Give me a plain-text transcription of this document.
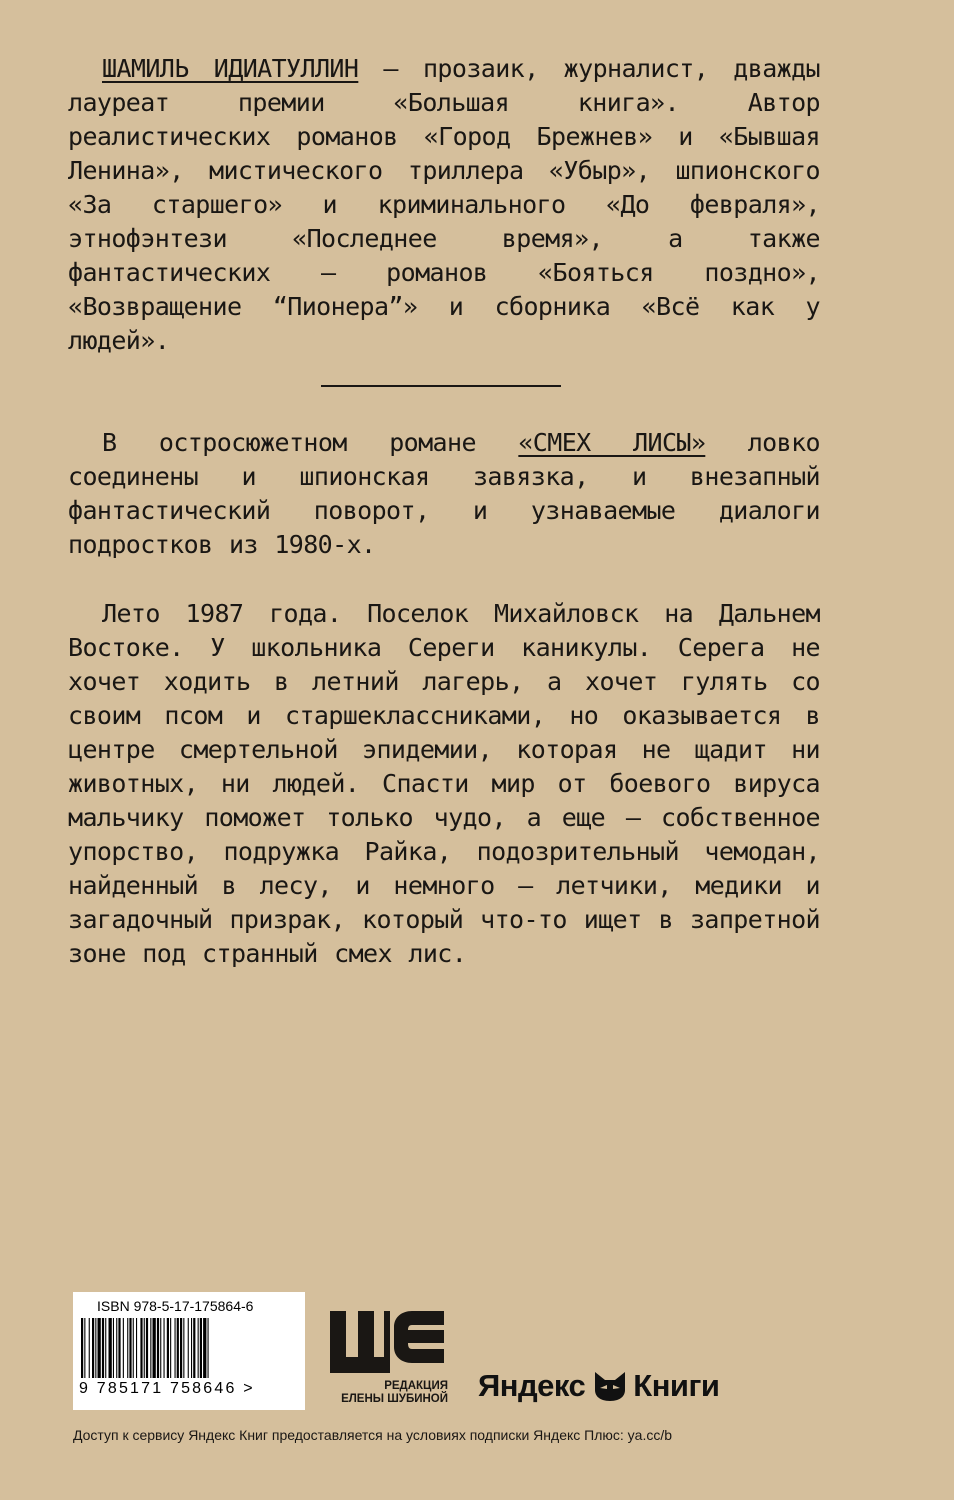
ШАМИЛЬ ИДИАТУЛЛИН — прозаик, журналист, дважды лауреат премии «Большая книга». Автор реалистических романов «Город Брежнев» и «Бывшая Ленина», мистического триллера «Убыр», шпионского «За старшего» и криминального «До февраля», этнофэнтези «Последнее время», а также фантастических — романов «Бояться поздно», «Возвращение “Пионера”» и сборника «Всё как у людей».

В остросюжетном романе «СМЕХ ЛИСЫ» ловко соединены и шпионская завязка, и внезапный фантастический поворот, и узнаваемые диалоги подростков из 1980-х.

Лето 1987 года. Поселок Михайловск на Дальнем Востоке. У школьника Сереги каникулы. Серега не хочет ходить в летний лагерь, а хочет гулять со своим псом и старшеклассниками, но оказывается в центре смертельной эпидемии, которая не щадит ни животных, ни людей. Спасти мир от боевого вируса мальчику поможет только чудо, а еще — собственное упорство, подружка Райка, подозрительный чемодан, найденный в лесу, и немного — летчики, медики и загадочный призрак, который что-то ищет в запретной зоне под странный смех лис.

ISBN 978-5-17-175864-6
9 785171 758646 >	РЕДАКЦИЯ
ЕЛЕНЫ ШУБИНОЙ Яндекс Книги
Доступ к сервису Яндекс Книг предоставляется на условиях подписки Яндекс Плюс: ya.cc/b
